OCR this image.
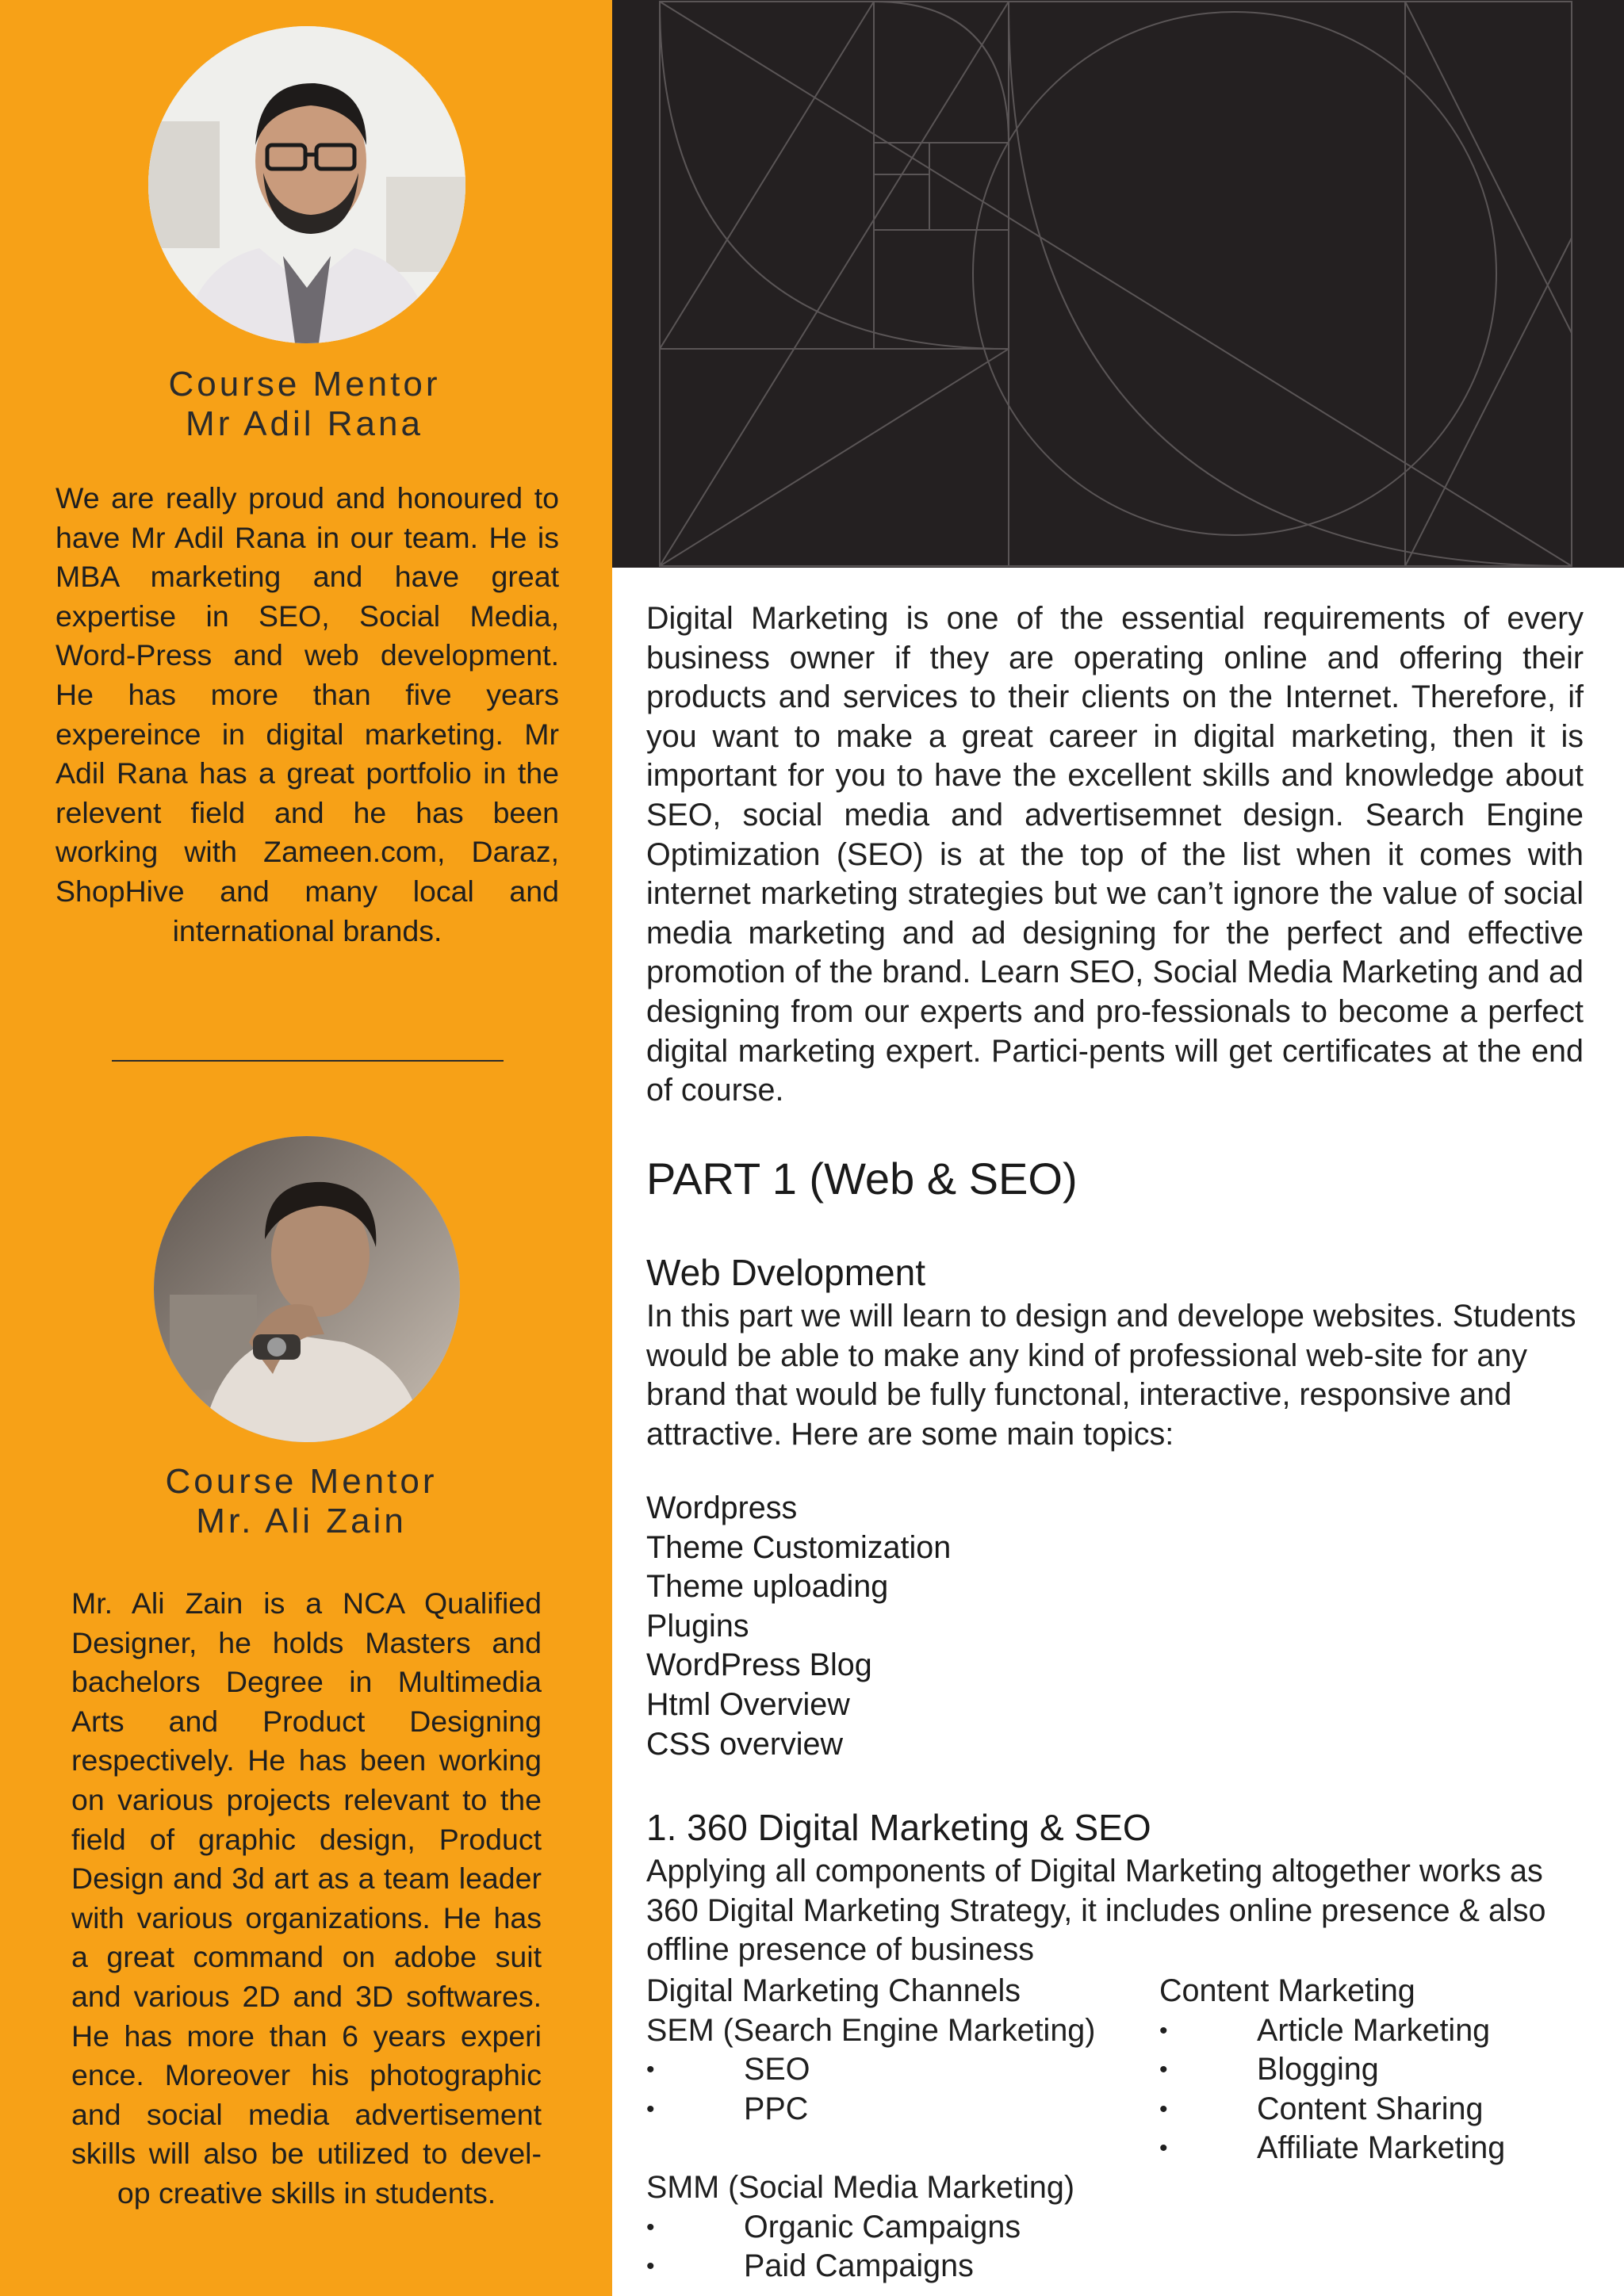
Course Mentor
Mr Adil Rana

We are really proud and honoured to have Mr Adil Rana in our team. He is MBA marketing and have great expertise in SEO, Social Media, Word-Press and web development. He has more than five years expereince in digital marketing. Mr Adil Rana has a great portfolio in the relevent field and he has been working with Zameen.com, Daraz, ShopHive and many local and international brands.

Course Mentor
Mr. Ali Zain

Mr. Ali Zain is a NCA Qualified Designer, he holds Masters and bachelors Degree in Multimedia Arts and Product Designing respectively. He has been working on various projects relevant to the field of graphic design, Product Design and 3d art as a team leader with various organizations. He has a great command on adobe suit and various 2D and 3D softwares. He has more than 6 years experi ence. Moreover his photographic and social media advertisement skills will also be utilized to devel-op creative skills in students.

Digital Marketing is one of the essential requirements of every business owner if they are operating online and offering their products and services to their clients on the Internet. Therefore, if you want to make a great career in digital marketing, then it is important for you to have the excellent skills and knowledge about SEO, social media and advertisemnet design. Search Engine Optimization (SEO) is at the top of the list when it comes with internet marketing strategies but we can’t ignore the value of social media marketing and ad designing for the perfect and effective promotion of the brand. Learn SEO, Social Media Marketing and ad designing from our experts and pro-fessionals to become a perfect digital marketing expert. Partici-pents will get certificates at the end of course.

PART 1 (Web & SEO)
Web Dvelopment

In this part we will learn to design and develope websites. Students would be able to make any kind of professional web-site for any brand that would be fully functonal, interactive, responsive and attractive. Here are some main topics:

Wordpress
Theme Customization
Theme uploading
Plugins
WordPress Blog
Html Overview
CSS overview
1. 360 Digital Marketing & SEO

Applying all components of Digital Marketing altogether works as 360 Digital Marketing Strategy, it includes online presence & also offline presence of business

Digital Marketing Channels
SEM (Search Engine Marketing)
• SEO
• PPC
SMM (Social Media Marketing)
• Organic Campaigns
• Paid Campaigns
Content Marketing
• Article Marketing
• Blogging
• Content Sharing
• Affiliate Marketing
